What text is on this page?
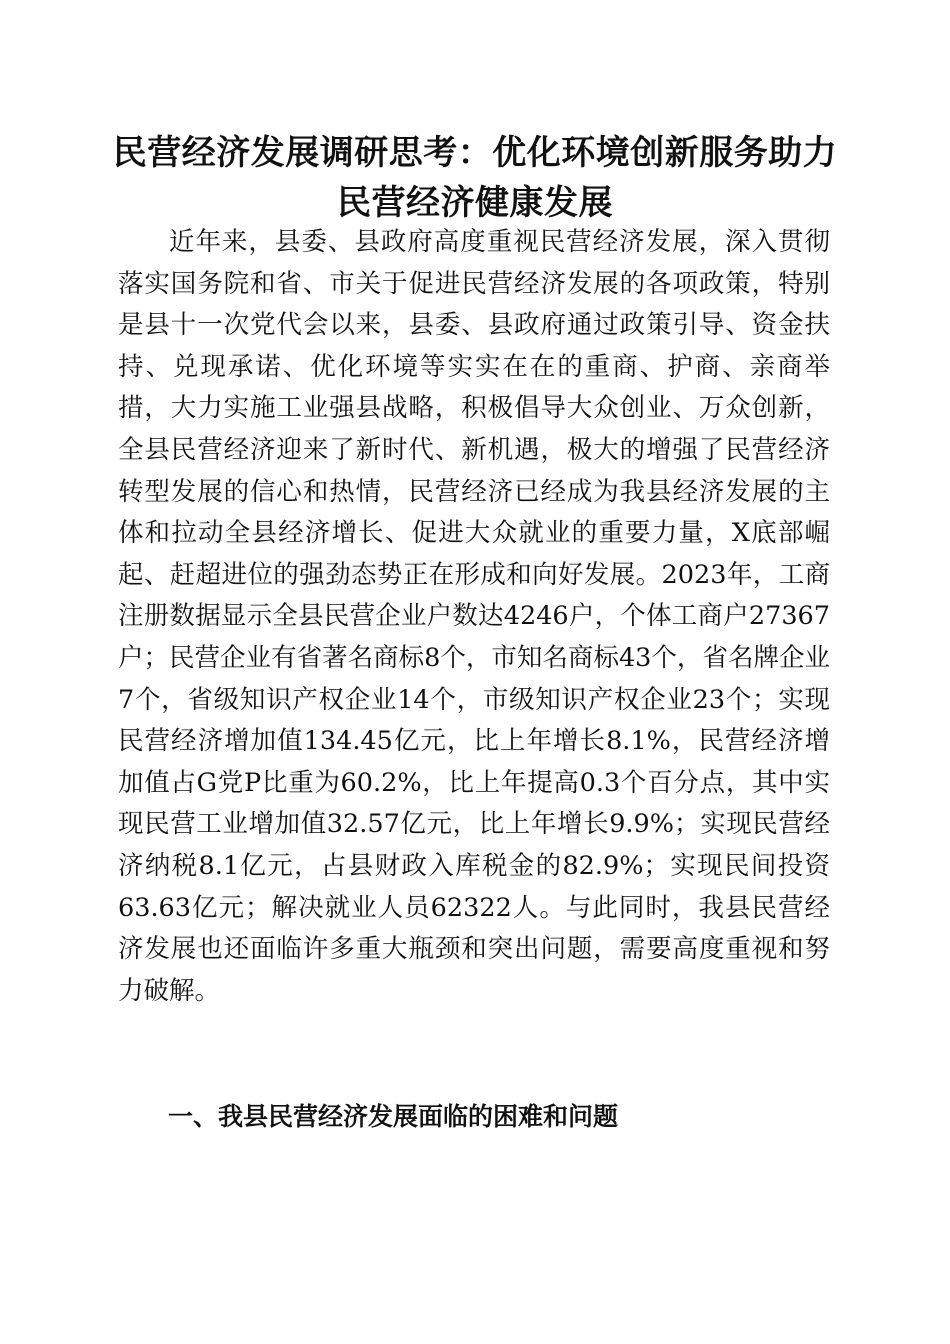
民营经济发展调研思考：优化环境创新服务助力民营经济健康发展

近年来，县委、县政府高度重视民营经济发展，深入贯彻落实国务院和省、市关于促进民营经济发展的各项政策，特别是县十一次党代会以来，县委、县政府通过政策引导、资金扶持、兑现承诺、优化环境等实实在在的重商、护商、亲商举措，大力实施工业强县战略，积极倡导大众创业、万众创新，全县民营经济迎来了新时代、新机遇，极大的增强了民营经济转型发展的信心和热情，民营经济已经成为我县经济发展的主体和拉动全县经济增长、促进大众就业的重要力量，X底部崛起、赶超进位的强劲态势正在形成和向好发展。2023年，工商注册数据显示全县民营企业户数达4246户，个体工商户27367户；民营企业有省著名商标8个，市知名商标43个，省名牌企业7个，省级知识产权企业14个，市级知识产权企业23个；实现民营经济增加值134.45亿元，比上年增长8.1%，民营经济增加值占G党P比重为60.2%，比上年提高0.3个百分点，其中实现民营工业增加值32.57亿元，比上年增长9.9%；实现民营经济纳税8.1亿元，占县财政入库税金的82.9%；实现民间投资63.63亿元；解决就业人员62322人。与此同时，我县民营经济发展也还面临许多重大瓶颈和突出问题，需要高度重视和努力破解。

一、我县民营经济发展面临的困难和问题
